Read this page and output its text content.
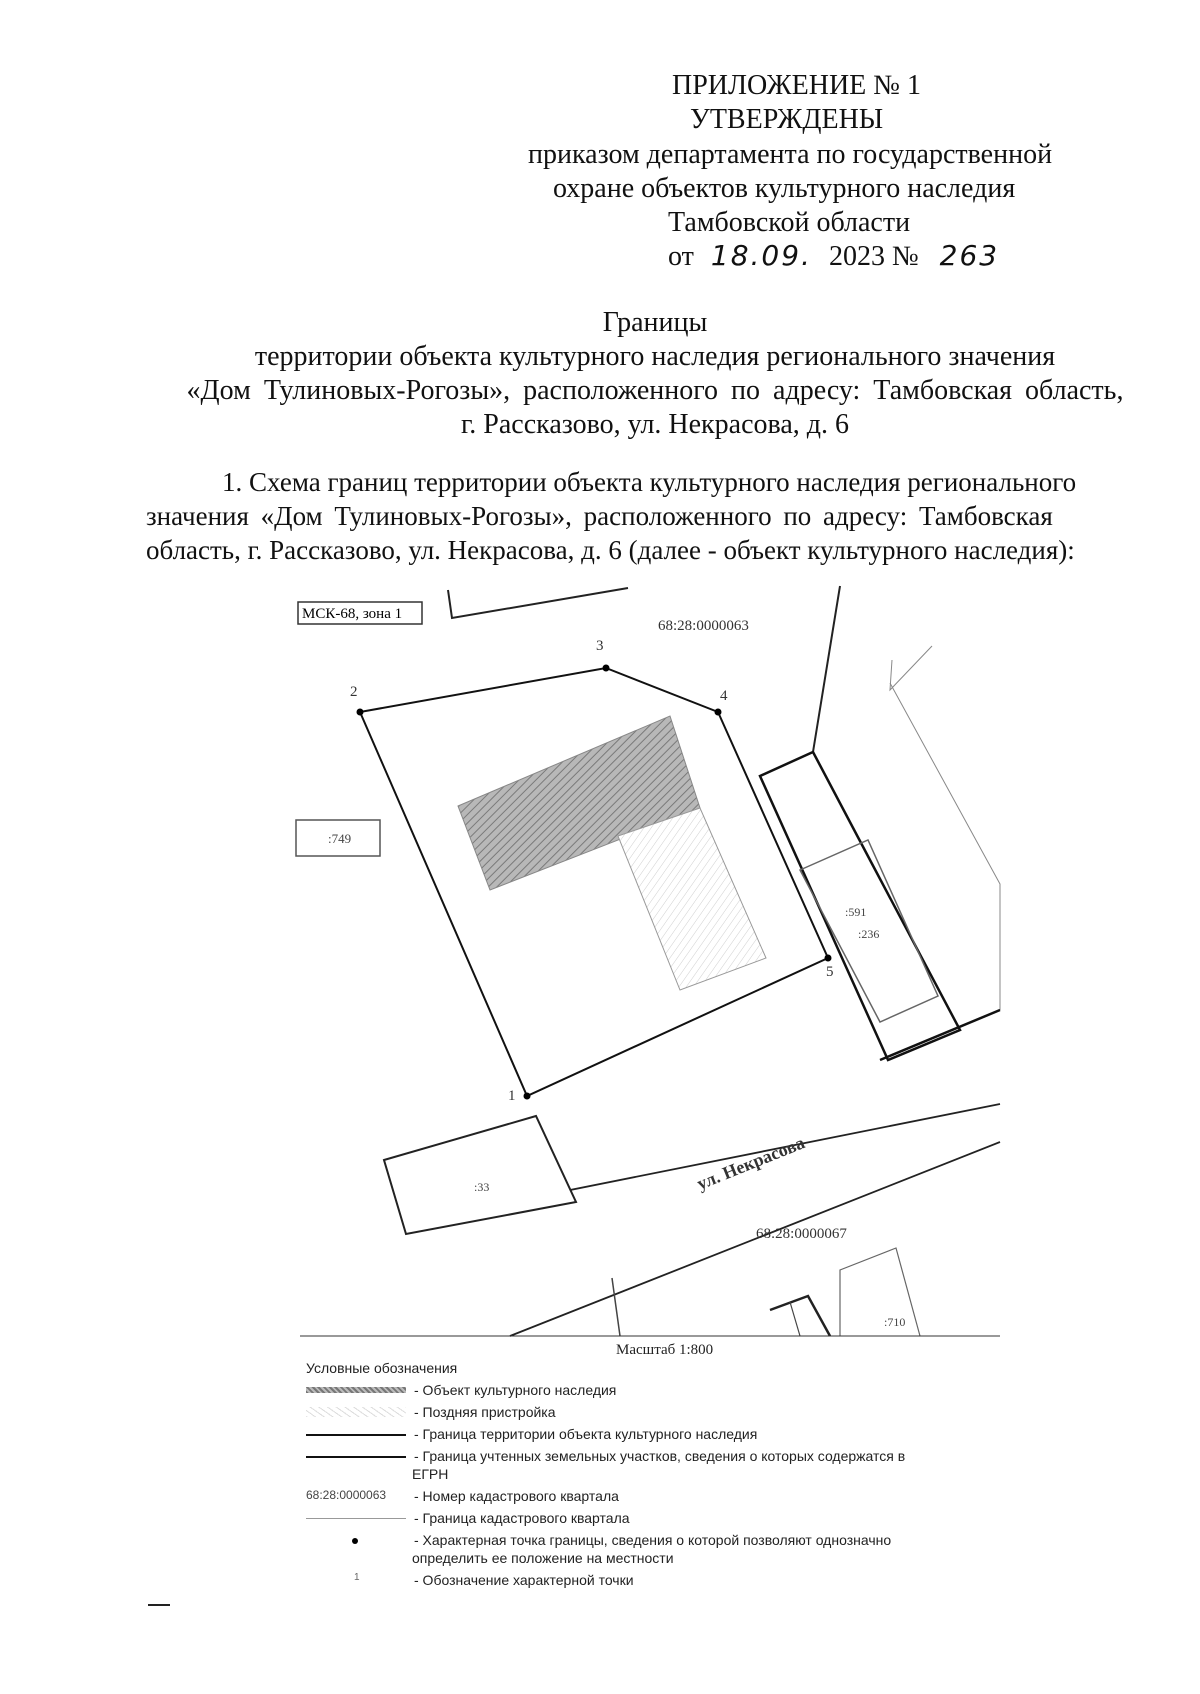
ПРИЛОЖЕНИЕ № 1
УТВЕРЖДЕНЫ
приказом департамента по государственной
охране объектов культурного наследия
Тамбовской области
от 18.09. 2023 № 263
Границы
территории объекта культурного наследия регионального значения
«Дом Тулиновых-Рогозы», расположенного по адресу: Тамбовская область,
г. Рассказово, ул. Некрасова, д. 6
1. Схема границ территории объекта культурного наследия регионального
значения «Дом Тулиновых-Рогозы», расположенного по адресу: Тамбовская
область, г. Рассказово, ул. Некрасова, д. 6 (далее - объект культурного наследия):
МСК-68, зона 1
68:28:0000063
:749
:591
:236
1
2
3
4
5
ул. Некрасова
:33
68:28:0000067
:710
Масштаб 1:800
Условные обозначения
- Объект культурного наследия
- Поздняя пристройка
- Граница территории объекта культурного наследия
- Граница учтенных земельных участков, сведения о которых содержатся в
ЕГРН
68:28:0000063 - Номер кадастрового квартала
- Граница кадастрового квартала
- Характерная точка границы, сведения о которой позволяют однозначно
определить ее положение на местности
1	- Обозначение характерной точки
